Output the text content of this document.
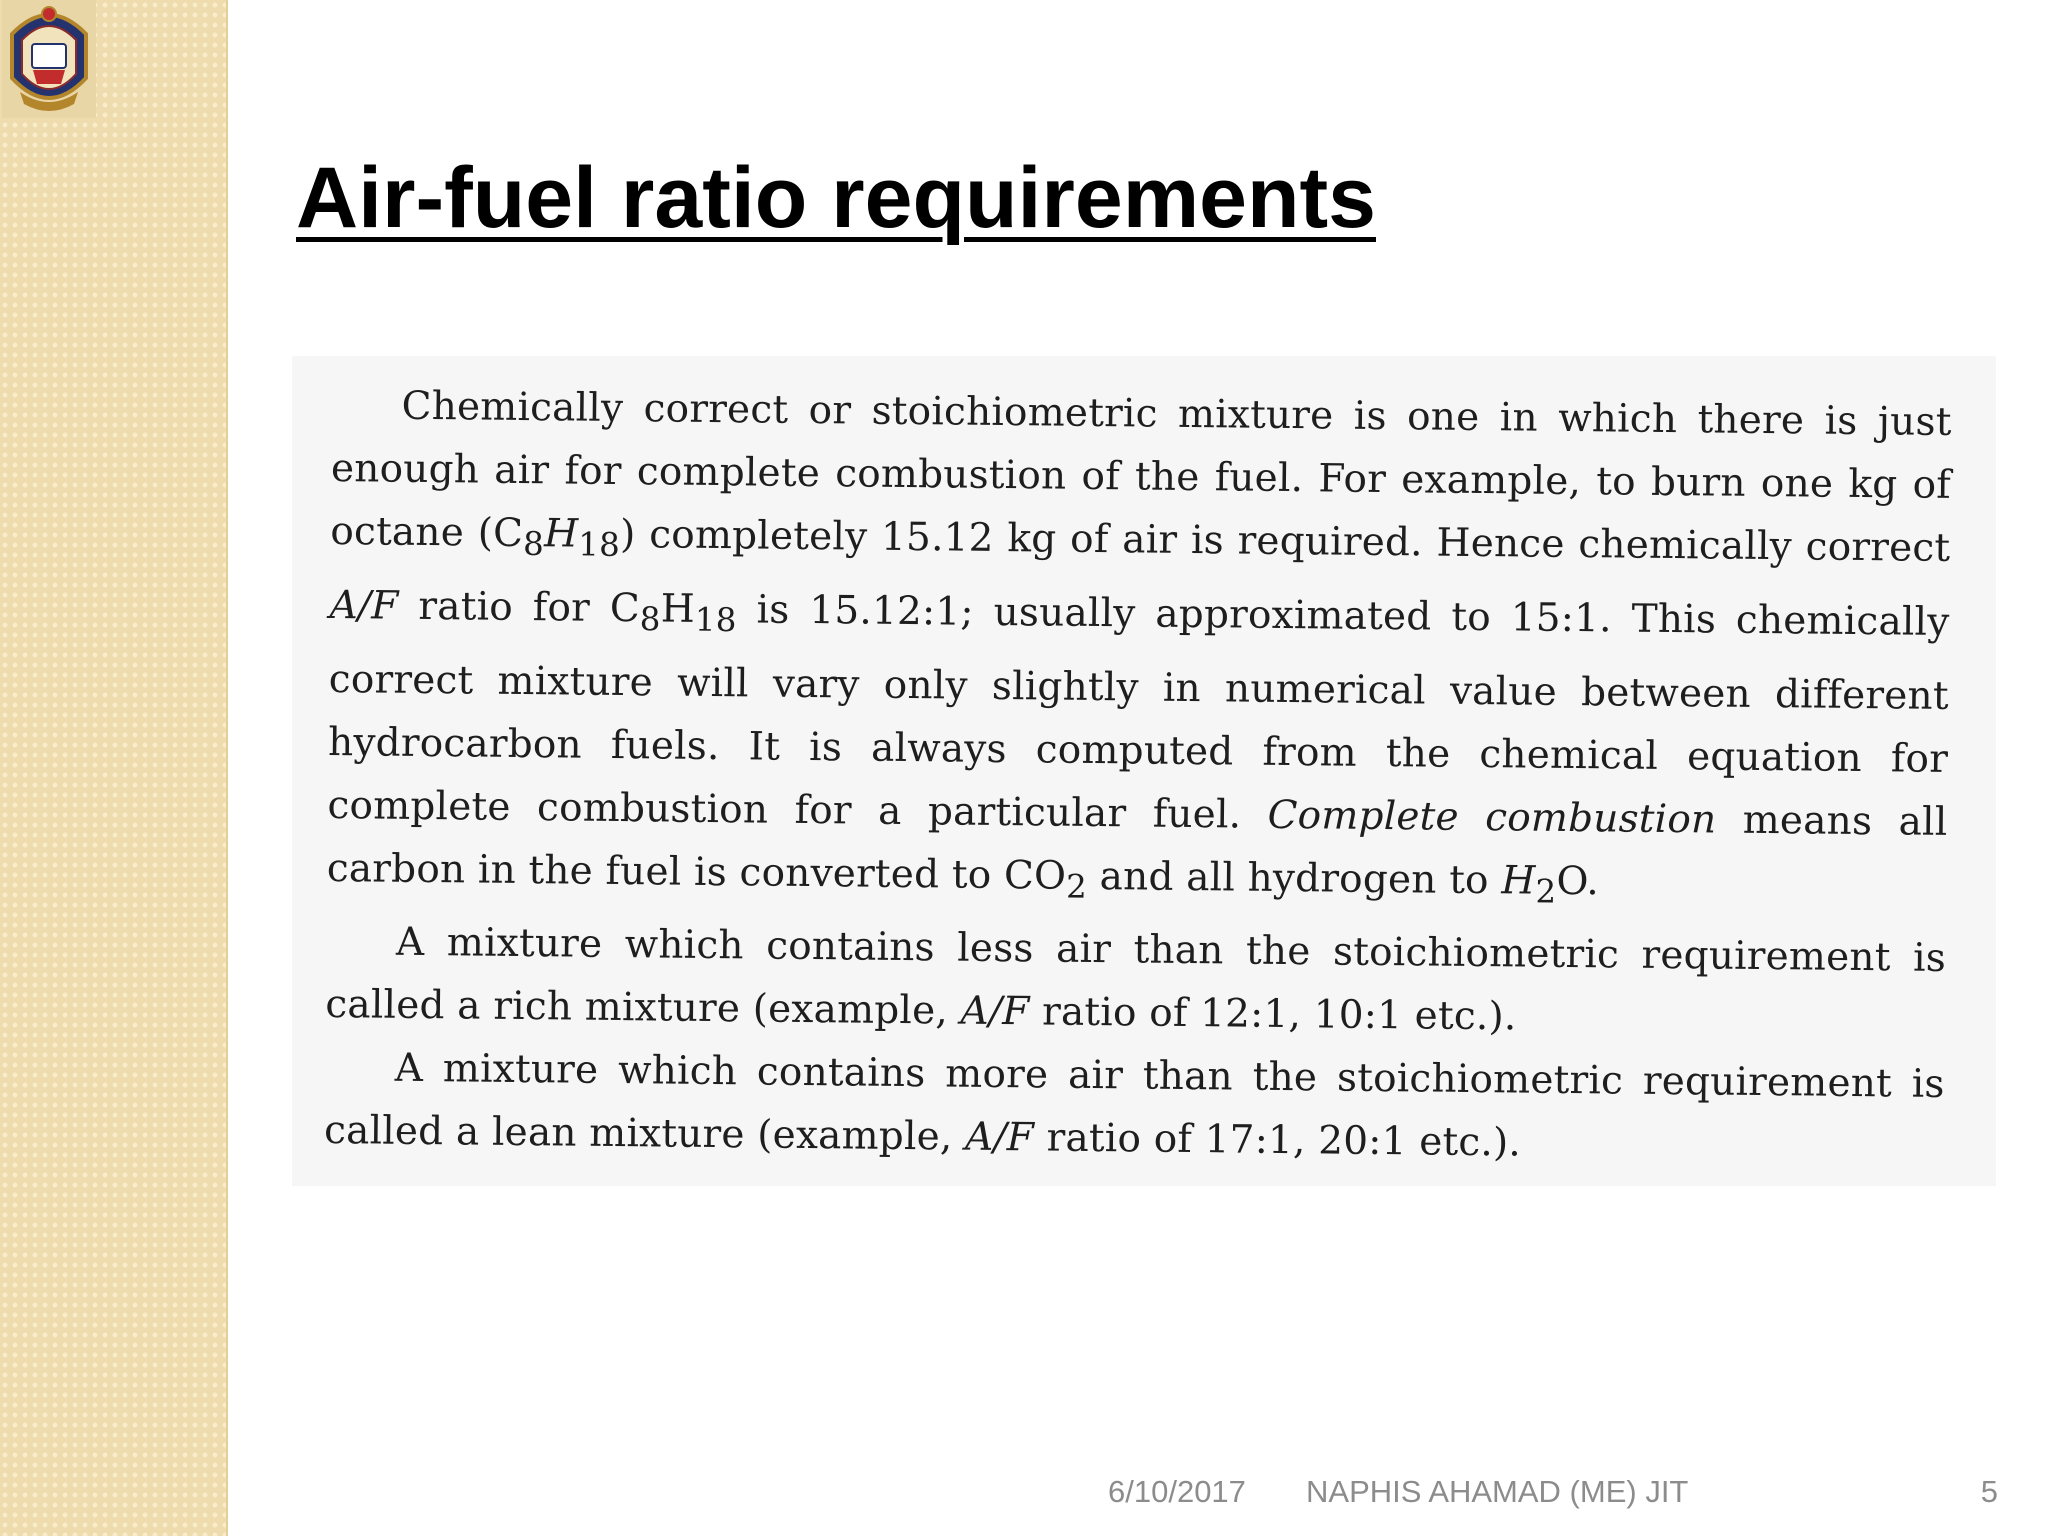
Air-fuel ratio requirements

Chemically correct or stoichiometric mixture is one in which there is just enough air for complete combustion of the fuel. For example, to burn one kg of octane $(C_8H_{18})$ completely 15.12 kg of air is required. Hence chemically correct A/F ratio for $C_8H_{18}$ is 15.12:1; usually approximated to 15:1. This chemically correct mixture will vary only slightly in numerical value between different hydrocarbon fuels. It is always computed from the chemical equation for complete combustion for a particular fuel. Complete combustion means all carbon in the fuel is converted to $CO_2$ and all hydrogen to $H_2O$.

A mixture which contains less air than the stoichiometric requirement is called a rich mixture (example, A/F ratio of 12:1, 10:1 etc.).

A mixture which contains more air than the stoichiometric requirement is called a lean mixture (example, A/F ratio of 17:1, 20:1 etc.).

6/10/2017 NAPHIS AHAMAD (ME) JIT	5
